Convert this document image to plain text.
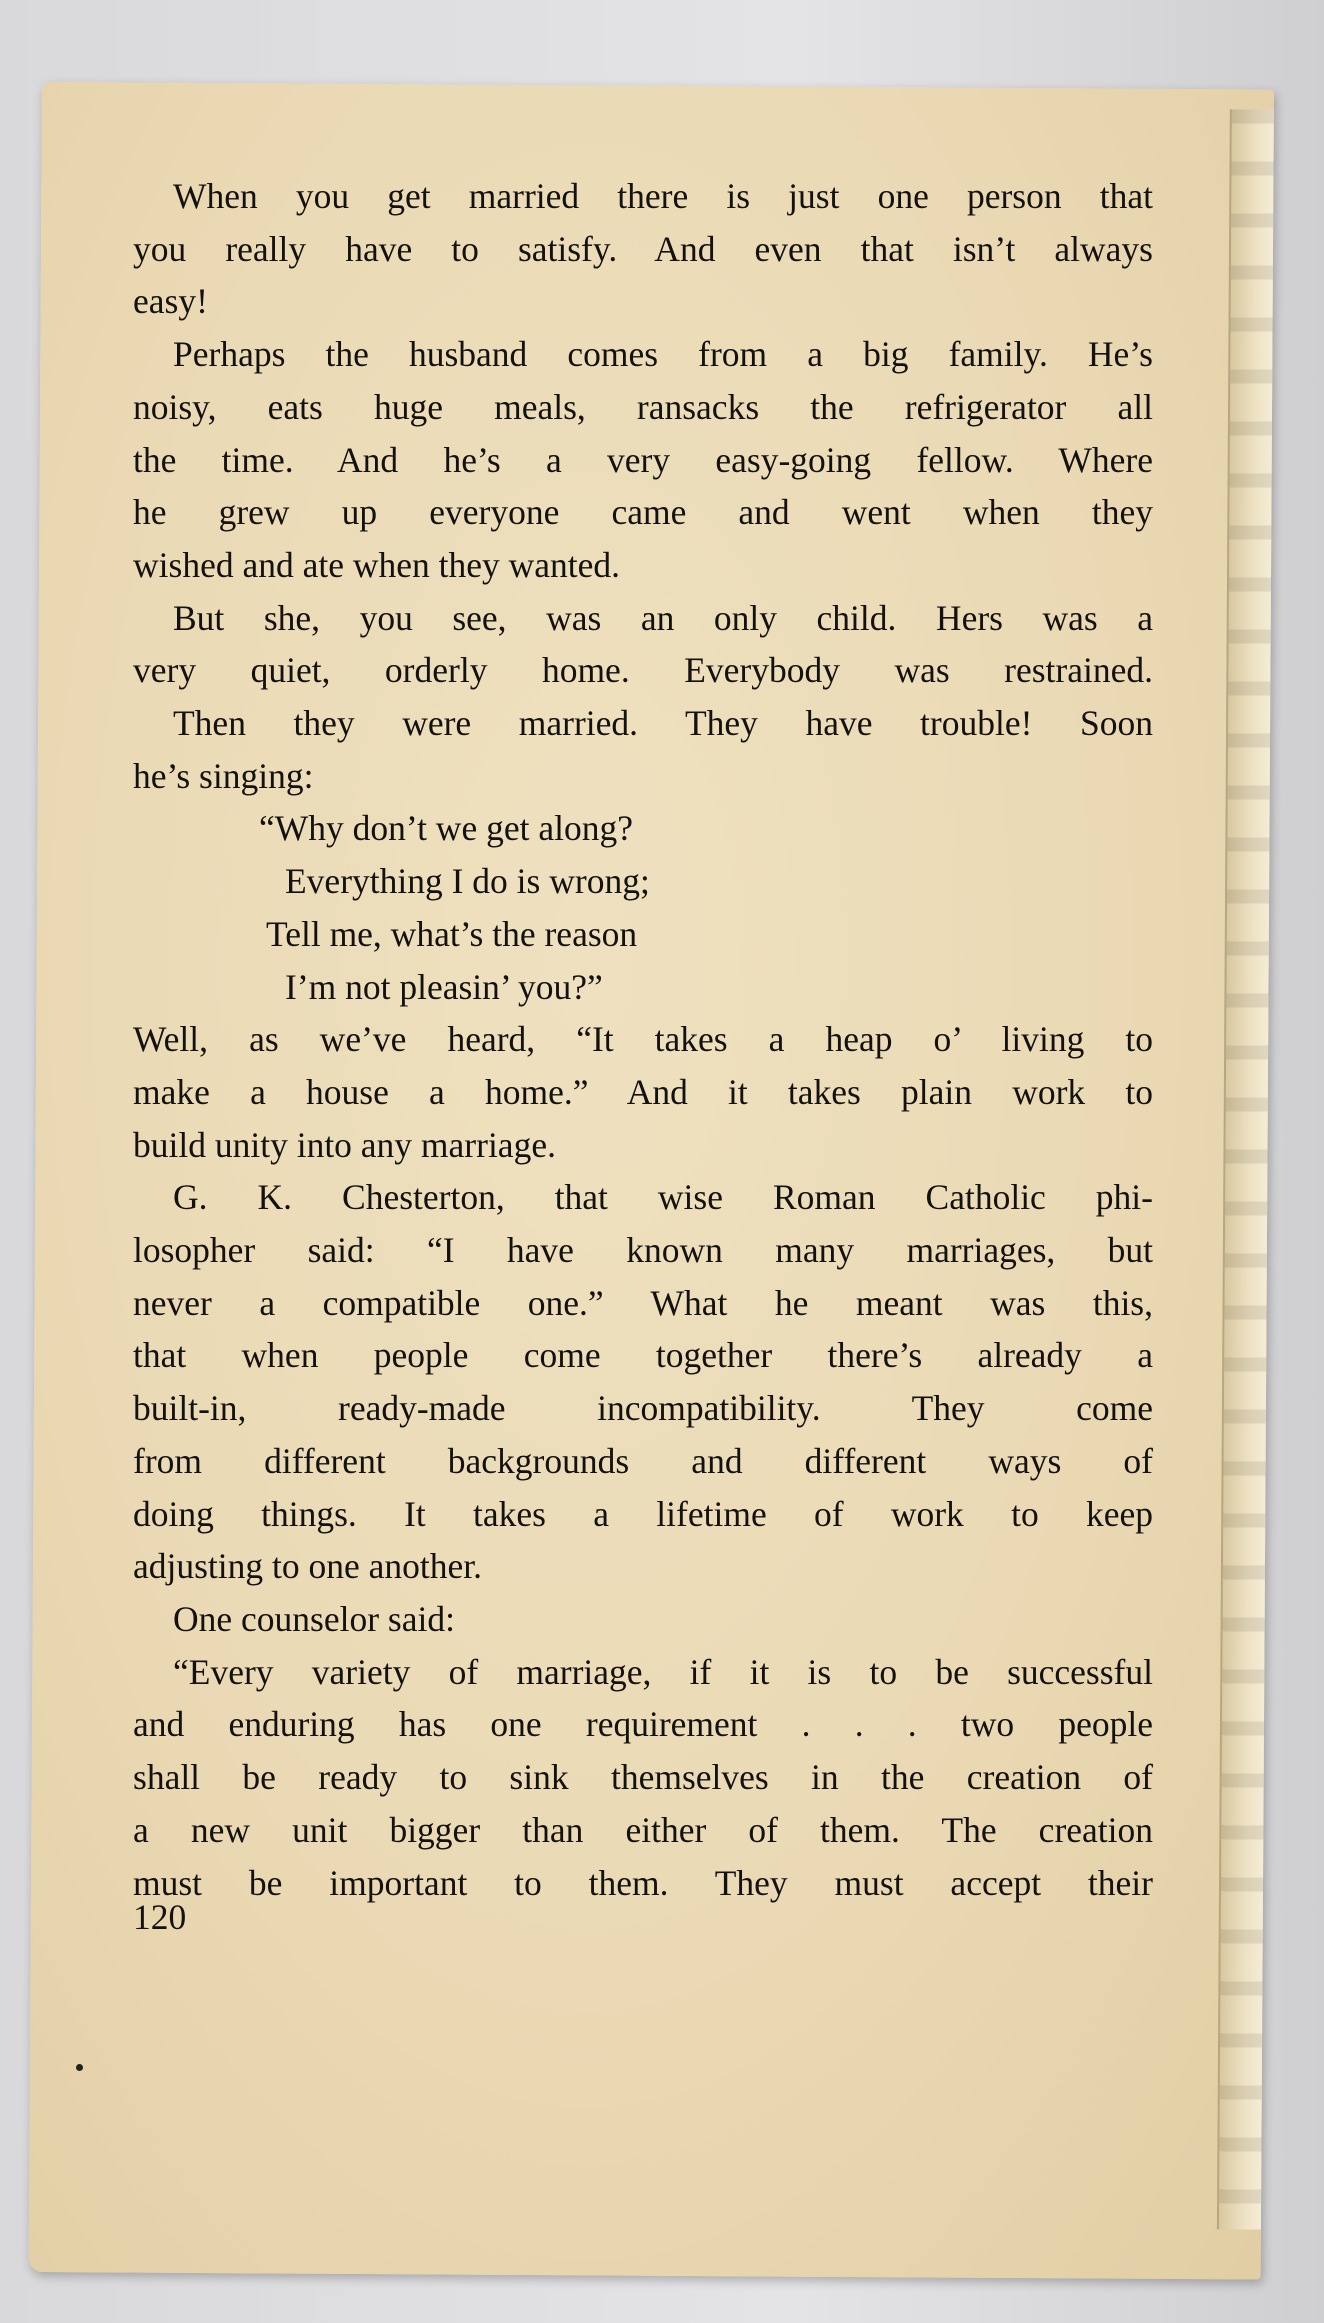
When you get married there is just one person that
you really have to satisfy. And even that isn’t always
easy!
Perhaps the husband comes from a big family. He’s
noisy, eats huge meals, ransacks the refrigerator all
the time. And he’s a very easy-going fellow. Where
he grew up everyone came and went when they
wished and ate when they wanted.
But she, you see, was an only child. Hers was a
very quiet, orderly home. Everybody was restrained.
Then they were married. They have trouble! Soon
he’s singing:
“Why don’t we get along?
Everything I do is wrong;
Tell me, what’s the reason
I’m not pleasin’ you?”
Well, as we’ve heard, “It takes a heap o’ living to
make a house a home.” And it takes plain work to
build unity into any marriage.
G. K. Chesterton, that wise Roman Catholic phi-
losopher said: “I have known many marriages, but
never a compatible one.” What he meant was this,
that when people come together there’s already a
built-in, ready-made incompatibility. They come
from different backgrounds and different ways of
doing things. It takes a lifetime of work to keep
adjusting to one another.
One counselor said:
“Every variety of marriage, if it is to be successful
and enduring has one requirement . . . two people
shall be ready to sink themselves in the creation of
a new unit bigger than either of them. The creation
must be important to them. They must accept their
120
